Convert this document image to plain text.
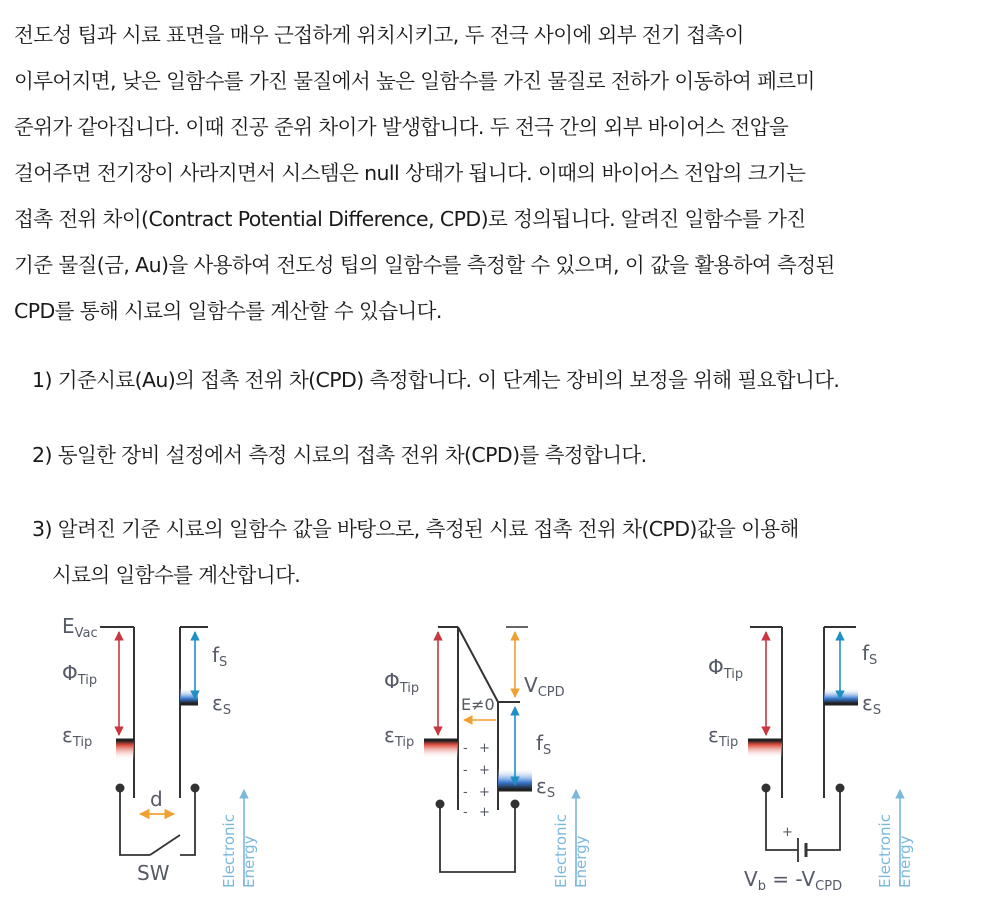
전도성 팁과 시료 표면을 매우 근접하게 위치시키고, 두 전극 사이에 외부 전기 접촉이
이루어지면, 낮은 일함수를 가진 물질에서 높은 일함수를 가진 물질로 전하가 이동하여 페르미
준위가 같아집니다. 이때 진공 준위 차이가 발생합니다. 두 전극 간의 외부 바이어스 전압을
걸어주면 전기장이 사라지면서 시스템은 null 상태가 됩니다. 이때의 바이어스 전압의 크기는
접촉 전위 차이(Contract Potential Difference, CPD)로 정의됩니다. 알려진 일함수를 가진
기준 물질(금, Au)을 사용하여 전도성 팁의 일함수를 측정할 수 있으며, 이 값을 활용하여 측정된
CPD를 통해 시료의 일함수를 계산할 수 있습니다.
1) 기준시료(Au)의 접촉 전위 차(CPD) 측정합니다. 이 단계는 장비의 보정을 위해 필요합니다.
2) 동일한 장비 설정에서 측정 시료의 접촉 전위 차(CPD)를 측정합니다.
3) 알려진 기준 시료의 일함수 값을 바탕으로, 측정된 시료 접촉 전위 차(CPD)값을 이용해
시료의 일함수를 계산합니다.
$E_{Vac}$
$\Phi_{Tip}$
$\varepsilon_{Tip}$
$f_S$
$\varepsilon_S$
d
SW	Electronic Energy
-
-
-
-
+
+
+
+
$\Phi_{Tip}$
$\varepsilon_{Tip}$
E≠0
$V_{CPD}$
$f_S$
$\varepsilon_S$
Electronic Energy
+
$\Phi_{Tip}$
$\varepsilon_{Tip}$
$f_S$
$\varepsilon_S$
$V_b = -V_{CPD}$ Electronic Energy
